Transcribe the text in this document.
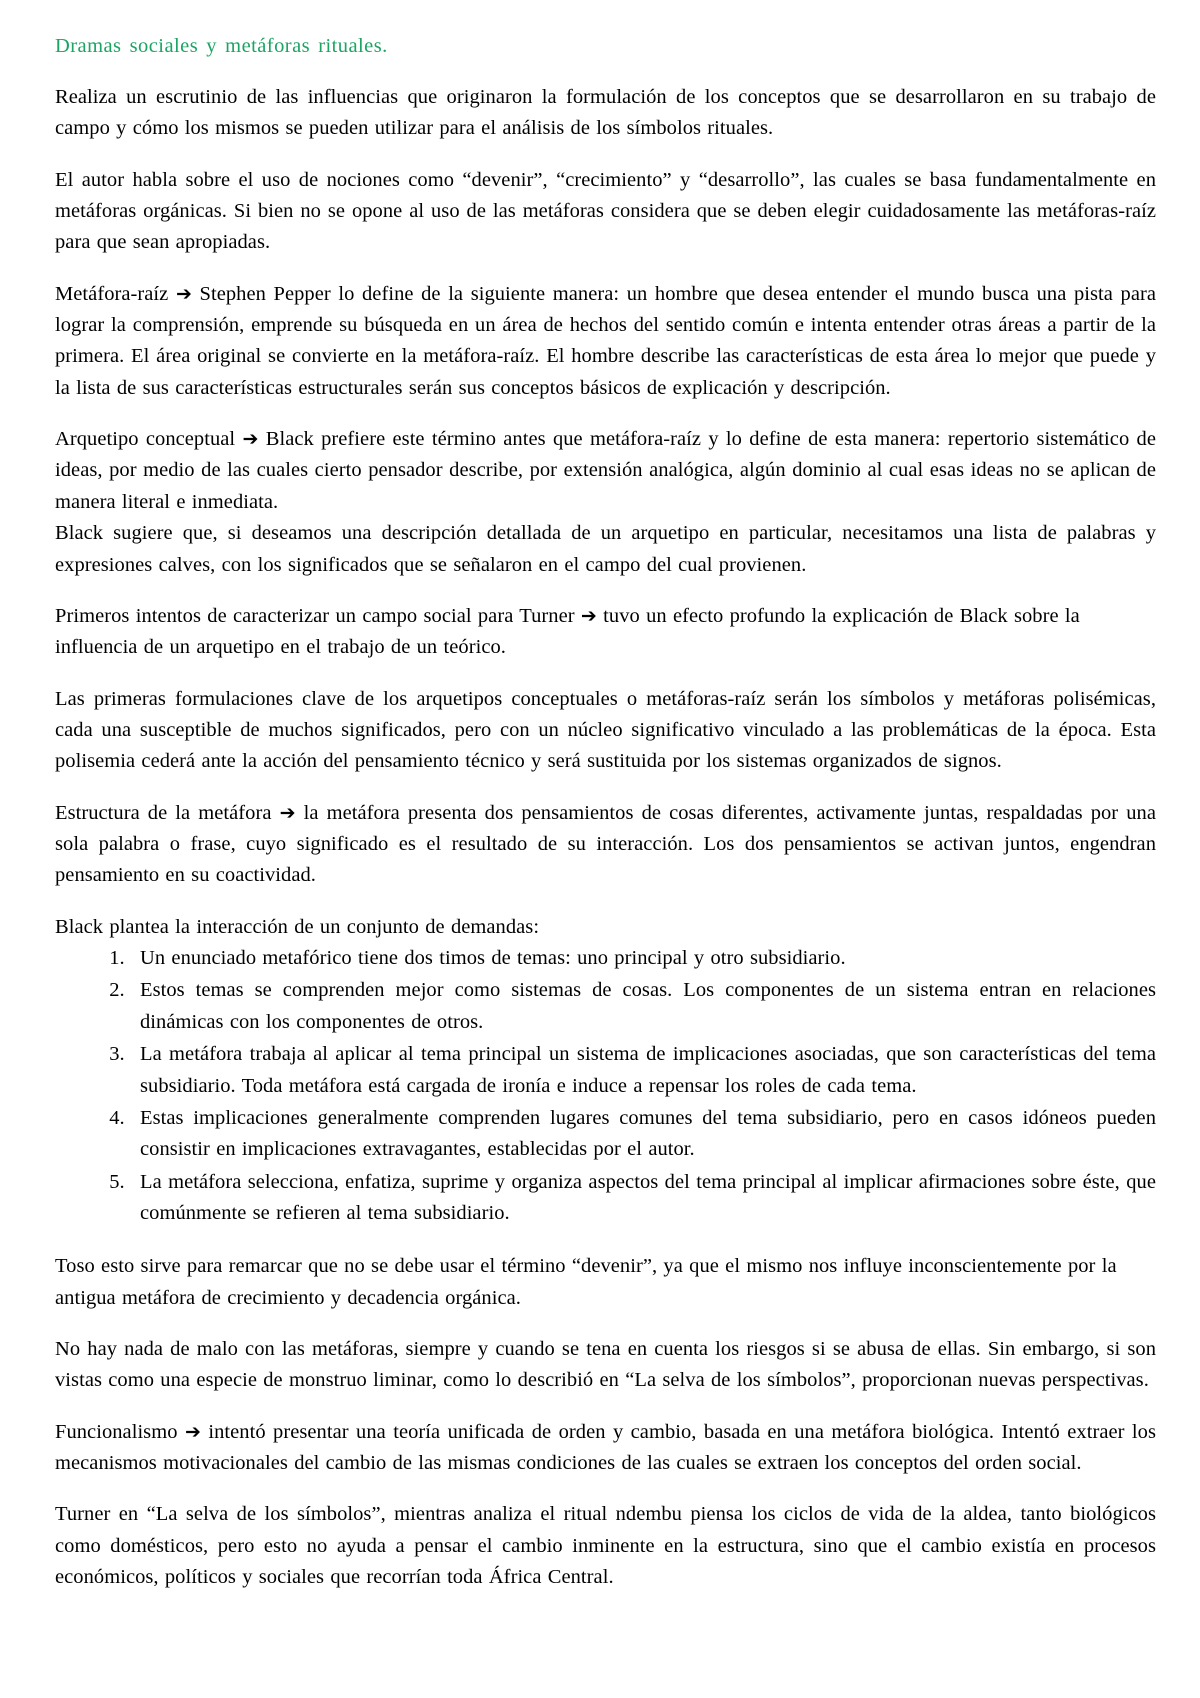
Dramas sociales y metáforas rituales.

Realiza un escrutinio de las influencias que originaron la formulación de los conceptos que se desarrollaron en su trabajo de campo y cómo los mismos se pueden utilizar para el análisis de los símbolos rituales.

El autor habla sobre el uso de nociones como “devenir”, “crecimiento” y “desarrollo”, las cuales se basa fundamentalmente en metáforas orgánicas. Si bien no se opone al uso de las metáforas considera que se deben elegir cuidadosamente las metáforas-raíz para que sean apropiadas.

Metáfora-raíz ➔ Stephen Pepper lo define de la siguiente manera: un hombre que desea entender el mundo busca una pista para lograr la comprensión, emprende su búsqueda en un área de hechos del sentido común e intenta entender otras áreas a partir de la primera. El área original se convierte en la metáfora-raíz. El hombre describe las características de esta área lo mejor que puede y la lista de sus características estructurales serán sus conceptos básicos de explicación y descripción.

Arquetipo conceptual ➔ Black prefiere este término antes que metáfora-raíz y lo define de esta manera: repertorio sistemático de ideas, por medio de las cuales cierto pensador describe, por extensión analógica, algún dominio al cual esas ideas no se aplican de manera literal e inmediata.

Black sugiere que, si deseamos una descripción detallada de un arquetipo en particular, necesitamos una lista de palabras y expresiones calves, con los significados que se señalaron en el campo del cual provienen.

Primeros intentos de caracterizar un campo social para Turner ➔ tuvo un efecto profundo la explicación de Black sobre la influencia de un arquetipo en el trabajo de un teórico.

Las primeras formulaciones clave de los arquetipos conceptuales o metáforas-raíz serán los símbolos y metáforas polisémicas, cada una susceptible de muchos significados, pero con un núcleo significativo vinculado a las problemáticas de la época. Esta polisemia cederá ante la acción del pensamiento técnico y será sustituida por los sistemas organizados de signos.

Estructura de la metáfora ➔ la metáfora presenta dos pensamientos de cosas diferentes, activamente juntas, respaldadas por una sola palabra o frase, cuyo significado es el resultado de su interacción. Los dos pensamientos se activan juntos, engendran pensamiento en su coactividad.

Black plantea la interacción de un conjunto de demandas:

1. Un enunciado metafórico tiene dos timos de temas: uno principal y otro subsidiario.
2. Estos temas se comprenden mejor como sistemas de cosas. Los componentes de un sistema entran en relaciones dinámicas con los componentes de otros.
3. La metáfora trabaja al aplicar al tema principal un sistema de implicaciones asociadas, que son características del tema subsidiario. Toda metáfora está cargada de ironía e induce a repensar los roles de cada tema.
4. Estas implicaciones generalmente comprenden lugares comunes del tema subsidiario, pero en casos idóneos pueden consistir en implicaciones extravagantes, establecidas por el autor.
5. La metáfora selecciona, enfatiza, suprime y organiza aspectos del tema principal al implicar afirmaciones sobre éste, que comúnmente se refieren al tema subsidiario.

Toso esto sirve para remarcar que no se debe usar el término “devenir”, ya que el mismo nos influye inconscientemente por la antigua metáfora de crecimiento y decadencia orgánica.

No hay nada de malo con las metáforas, siempre y cuando se tena en cuenta los riesgos si se abusa de ellas. Sin embargo, si son vistas como una especie de monstruo liminar, como lo describió en “La selva de los símbolos”, proporcionan nuevas perspectivas.

Funcionalismo ➔ intentó presentar una teoría unificada de orden y cambio, basada en una metáfora biológica. Intentó extraer los mecanismos motivacionales del cambio de las mismas condiciones de las cuales se extraen los conceptos del orden social.

Turner en “La selva de los símbolos”, mientras analiza el ritual ndembu piensa los ciclos de vida de la aldea, tanto biológicos como domésticos, pero esto no ayuda a pensar el cambio inminente en la estructura, sino que el cambio existía en procesos económicos, políticos y sociales que recorrían toda África Central.
